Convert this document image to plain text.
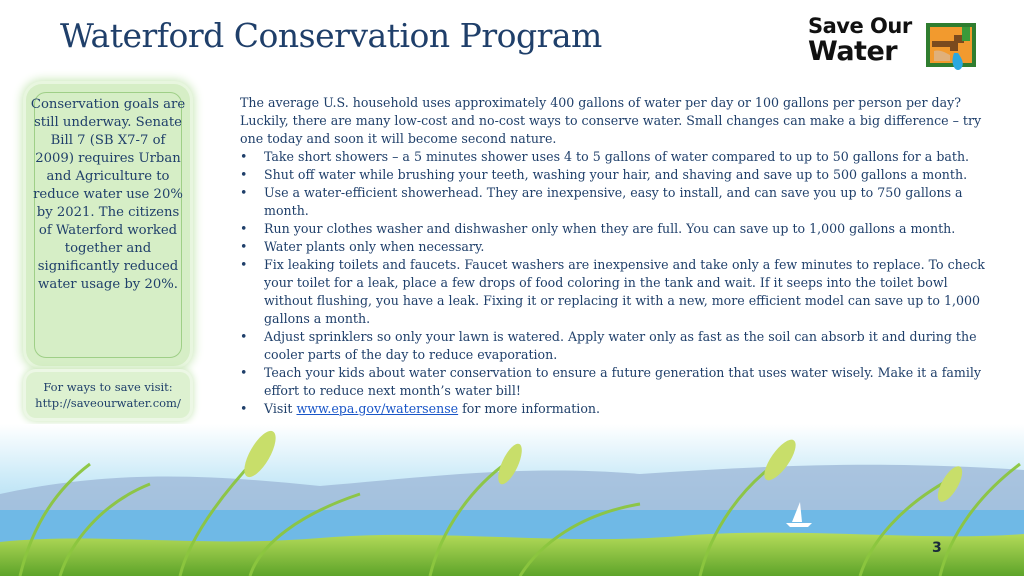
Waterford Conservation Program	Save Our
Water
Conservation goals are still underway. Senate Bill 7 (SB X7-7 of 2009) requires Urban and Agriculture to reduce water use 20% by 2021. The citizens of Waterford worked together and significantly reduced water usage by 20%.
For ways to save visit:
http://saveourwater.com/

The average U.S. household uses approximately 400 gallons of water per day or 100 gallons per person per day? Luckily, there are many low-cost and no-cost ways to conserve water. Small changes can make a big difference – try one today and soon it will become second nature.

• Take short showers – a 5 minutes shower uses 4 to 5 gallons of water compared to up to 50 gallons for a bath.
• Shut off water while brushing your teeth, washing your hair, and shaving and save up to 500 gallons a month.
• Use a water-efficient showerhead. They are inexpensive, easy to install, and can save you up to 750 gallons a month.
• Run your clothes washer and dishwasher only when they are full. You can save up to 1,000 gallons a month.
• Water plants only when necessary.
• Fix leaking toilets and faucets. Faucet washers are inexpensive and take only a few minutes to replace. To check your toilet for a leak, place a few drops of food coloring in the tank and wait. If it seeps into the toilet bowl without flushing, you have a leak. Fixing it or replacing it with a new, more efficient model can save up to 1,000 gallons a month.
• Adjust sprinklers so only your lawn is watered. Apply water only as fast as the soil can absorb it and during the cooler parts of the day to reduce evaporation.
• Teach your kids about water conservation to ensure a future generation that uses water wisely. Make it a family effort to reduce next month’s water bill!
• Visit www.epa.gov/watersense for more information.
3
